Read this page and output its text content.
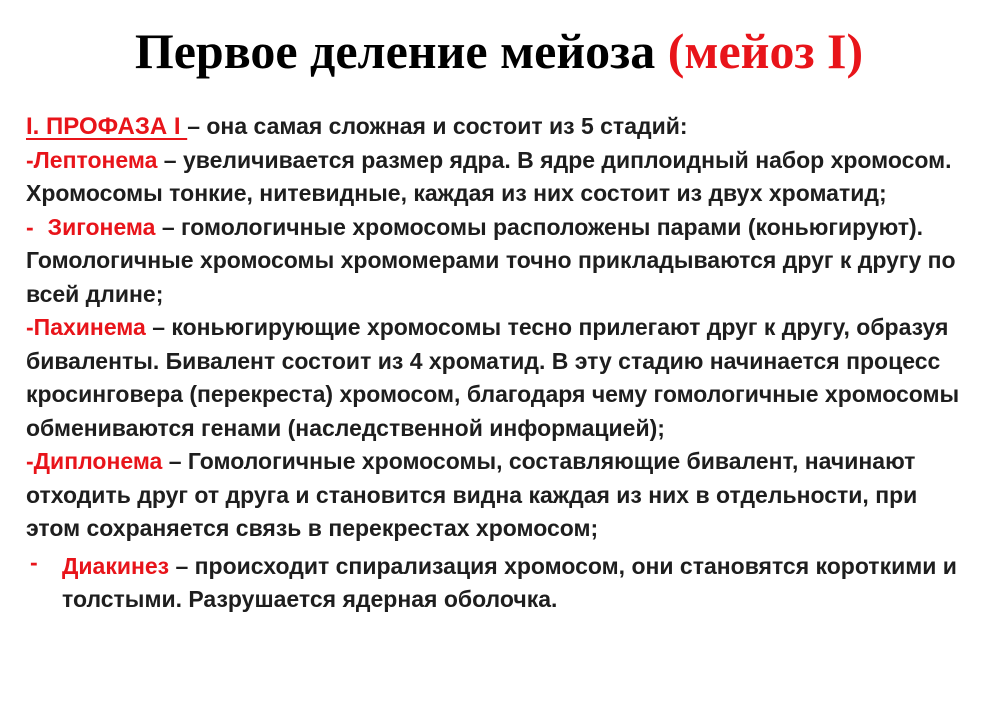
Первое деление мейоза (мейоз I)

I. ПРОФАЗА I – она самая сложная и состоит из 5 стадий:

-Лептонема – увеличивается размер ядра. В ядре диплоидный набор хромосом. Хромосомы тонкие, нитевидные, каждая из них состоит из двух хроматид;

- Зигонема – гомологичные хромосомы расположены парами (коньюгируют). Гомологичные хромосомы хромомерами точно прикладываются друг к другу по всей длине;

-Пахинема – коньюгирующие хромосомы тесно прилегают друг к другу, образуя биваленты. Бивалент состоит из 4 хроматид. В эту стадию начинается процесс кросинговера (перекреста) хромосом, благодаря чему гомологичные хромосомы обмениваются генами (наследственной информацией);

-Диплонема – Гомологичные хромосомы, составляющие бивалент, начинают отходить друг от друга и становится видна каждая из них в отдельности, при этом сохраняется связь в перекрестах хромосом;

- Диакинез – происходит спирализация хромосом, они становятся короткими и толстыми. Разрушается ядерная оболочка.
